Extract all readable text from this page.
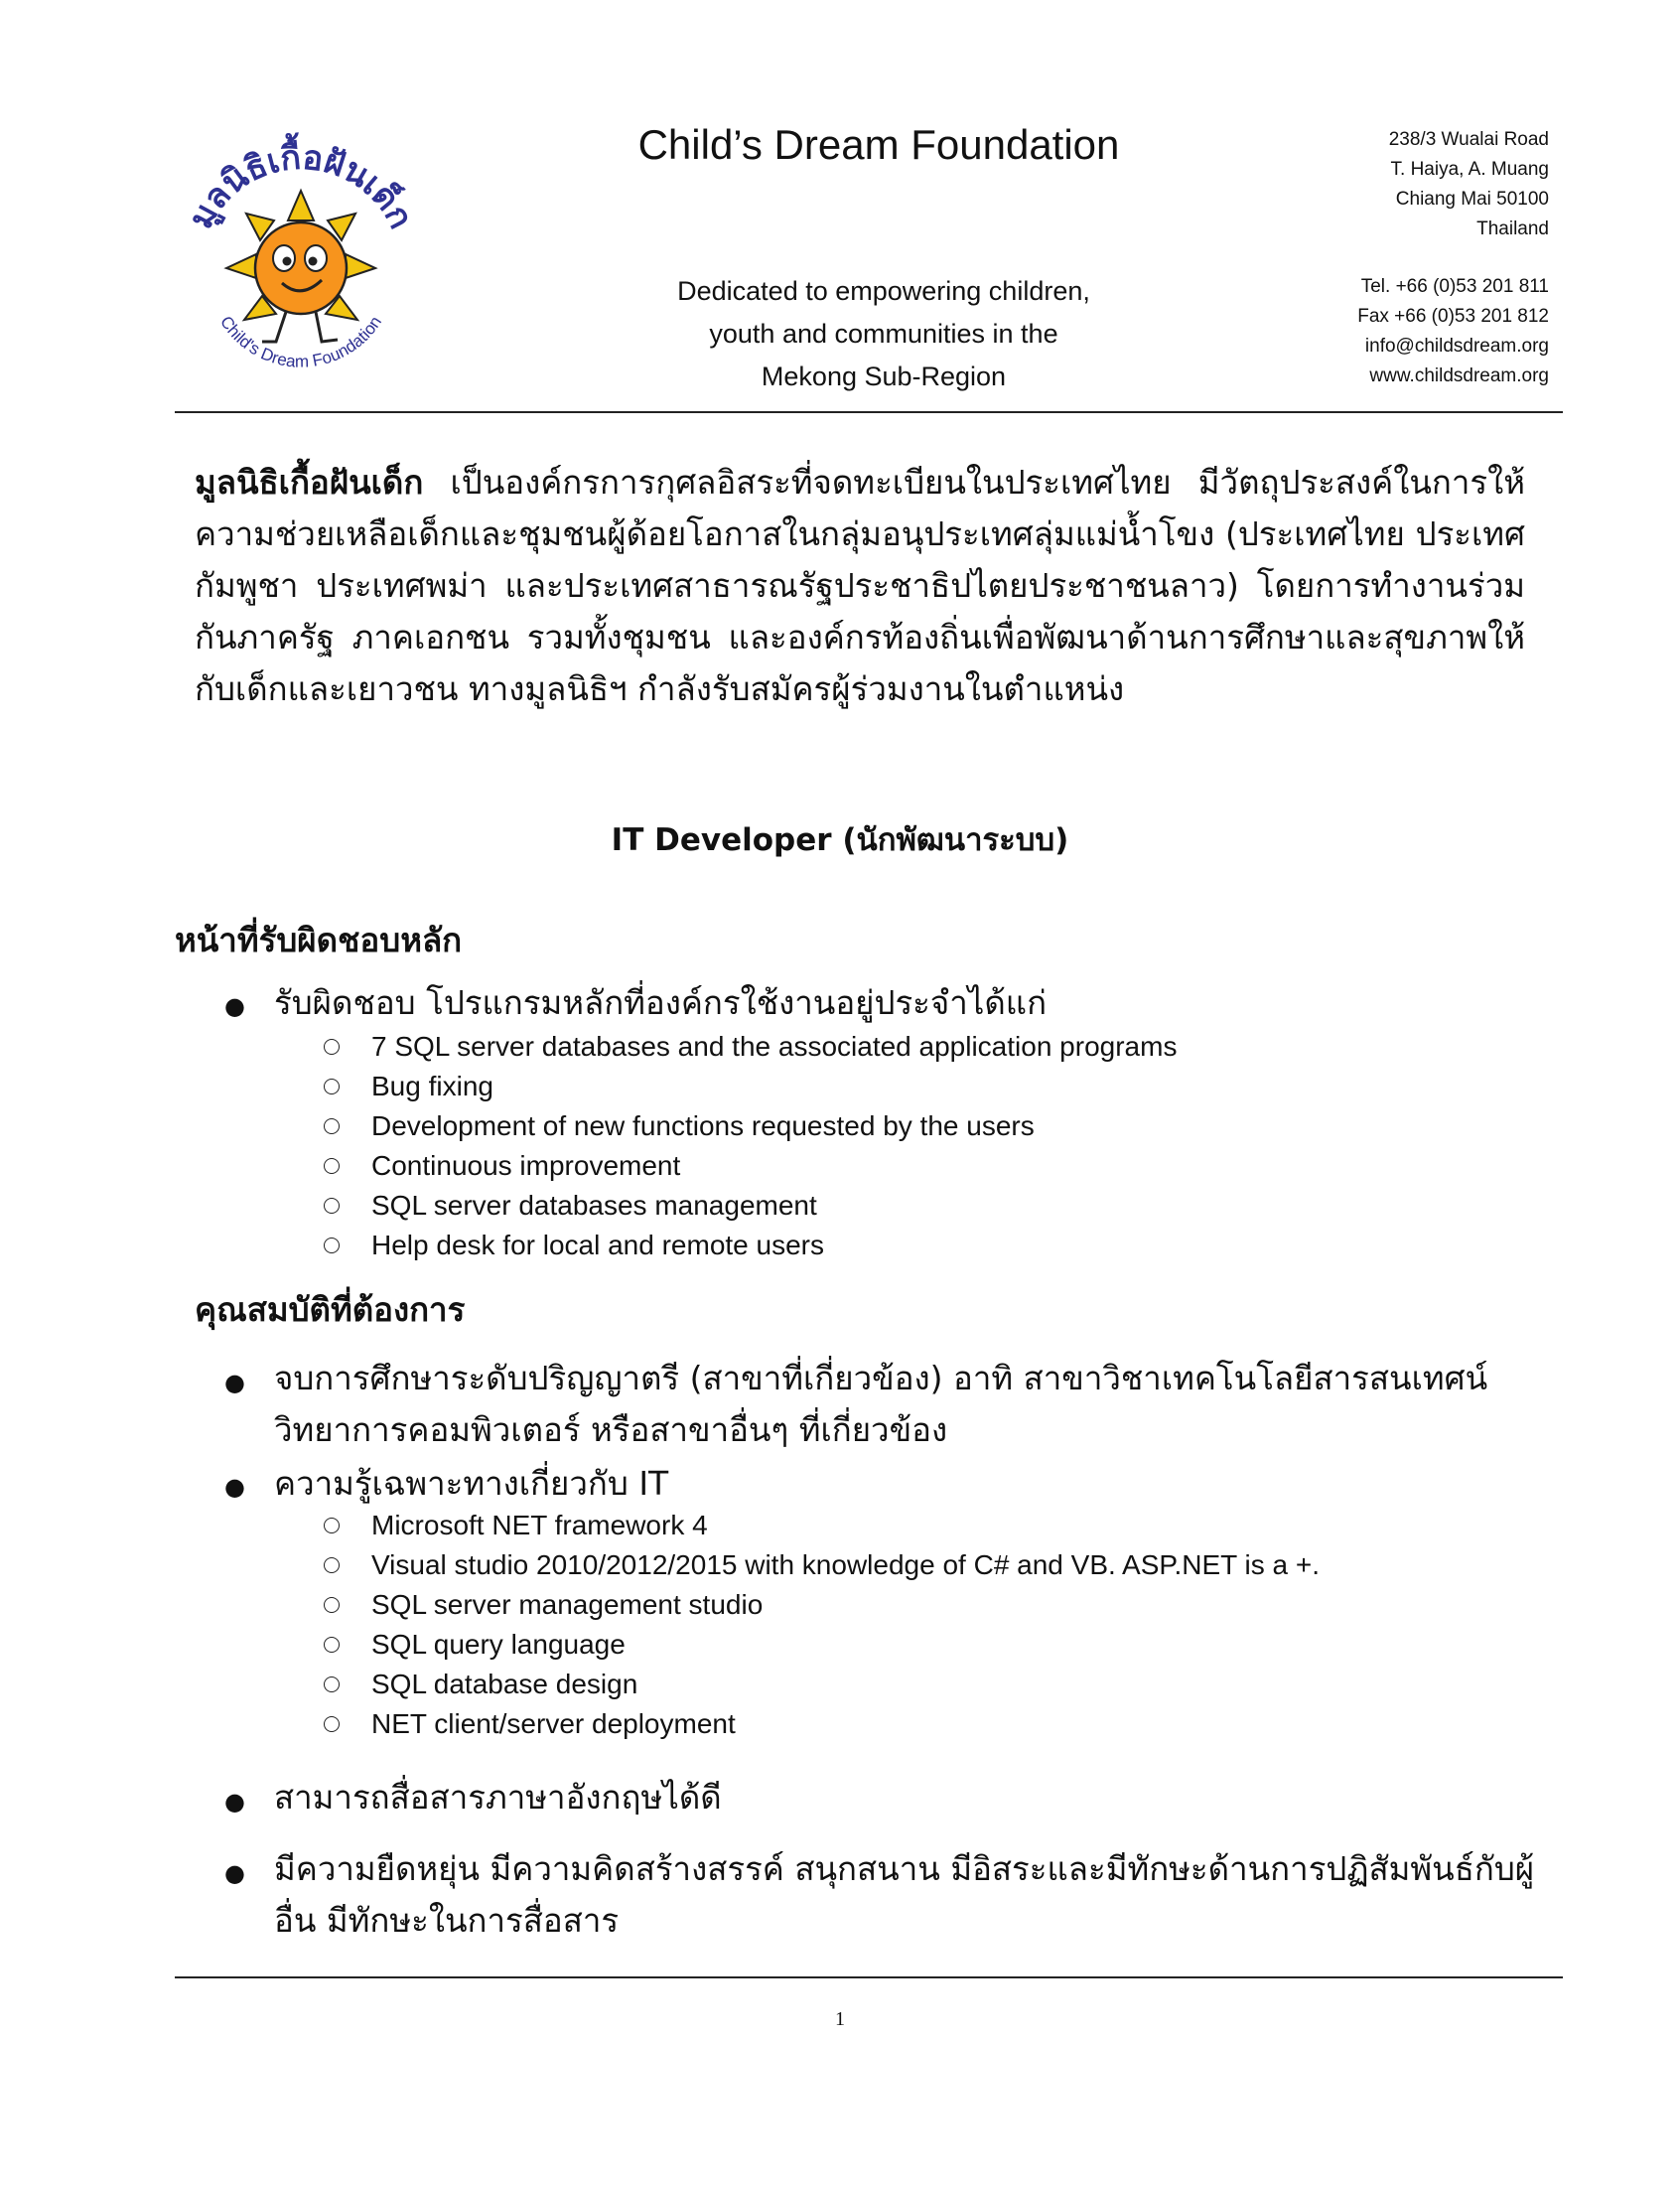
มูลนิธิเกื้อฝันเด็ก
Child's Dream Foundation
Child’s Dream Foundation
Dedicated to empowering children,
youth and communities in the
Mekong Sub-Region
238/3 Wualai Road
T. Haiya, A. Muang
Chiang Mai 50100
Thailand
Tel. +66 (0)53 201 811
Fax +66 (0)53 201 812
info@childsdream.org
www.childsdream.org
มูลนิธิเกื้อฝันเด็ก เป็นองค์กรการกุศลอิสระที่จดทะเบียนในประเทศไทย มีวัตถุประสงค์ในการให้ความช่วยเหลือเด็กและชุมชนผู้ด้อยโอกาสในกลุ่มอนุประเทศลุ่มแม่น้ำโขง (ประเทศไทย ประเทศกัมพูชา ประเทศพม่า และประเทศสาธารณรัฐประชาธิปไตยประชาชนลาว) โดยการทำงานร่วมกันภาครัฐ ภาคเอกชน รวมทั้งชุมชน และองค์กรท้องถิ่นเพื่อพัฒนาด้านการศึกษาและสุขภาพให้กับเด็กและเยาวชน ทางมูลนิธิฯ กำลังรับสมัครผู้ร่วมงานในตำแหน่ง
IT Developer (นักพัฒนาระบบ)
หน้าที่รับผิดชอบหลัก
● รับผิดชอบ โปรแกรมหลักที่องค์กรใช้งานอยู่ประจำได้แก่
7 SQL server databases and the associated application programs
Bug fixing
Development of new functions requested by the users
Continuous improvement
SQL server databases management
Help desk for local and remote users
คุณสมบัติที่ต้องการ
● จบการศึกษาระดับปริญญาตรี (สาขาที่เกี่ยวข้อง) อาทิ สาขาวิชาเทคโนโลยีสารสนเทศน์ วิทยาการคอมพิวเตอร์ หรือสาขาอื่นๆ ที่เกี่ยวข้อง
● ความรู้เฉพาะทางเกี่ยวกับ IT
Microsoft NET framework 4
Visual studio 2010/2012/2015 with knowledge of C# and VB. ASP.NET is a +.
SQL server management studio
SQL query language
SQL database design
NET client/server deployment
● สามารถสื่อสารภาษาอังกฤษได้ดี
● มีความยืดหยุ่น มีความคิดสร้างสรรค์ สนุกสนาน มีอิสระและมีทักษะด้านการปฏิสัมพันธ์กับผู้อื่น มีทักษะในการสื่อสาร
1
